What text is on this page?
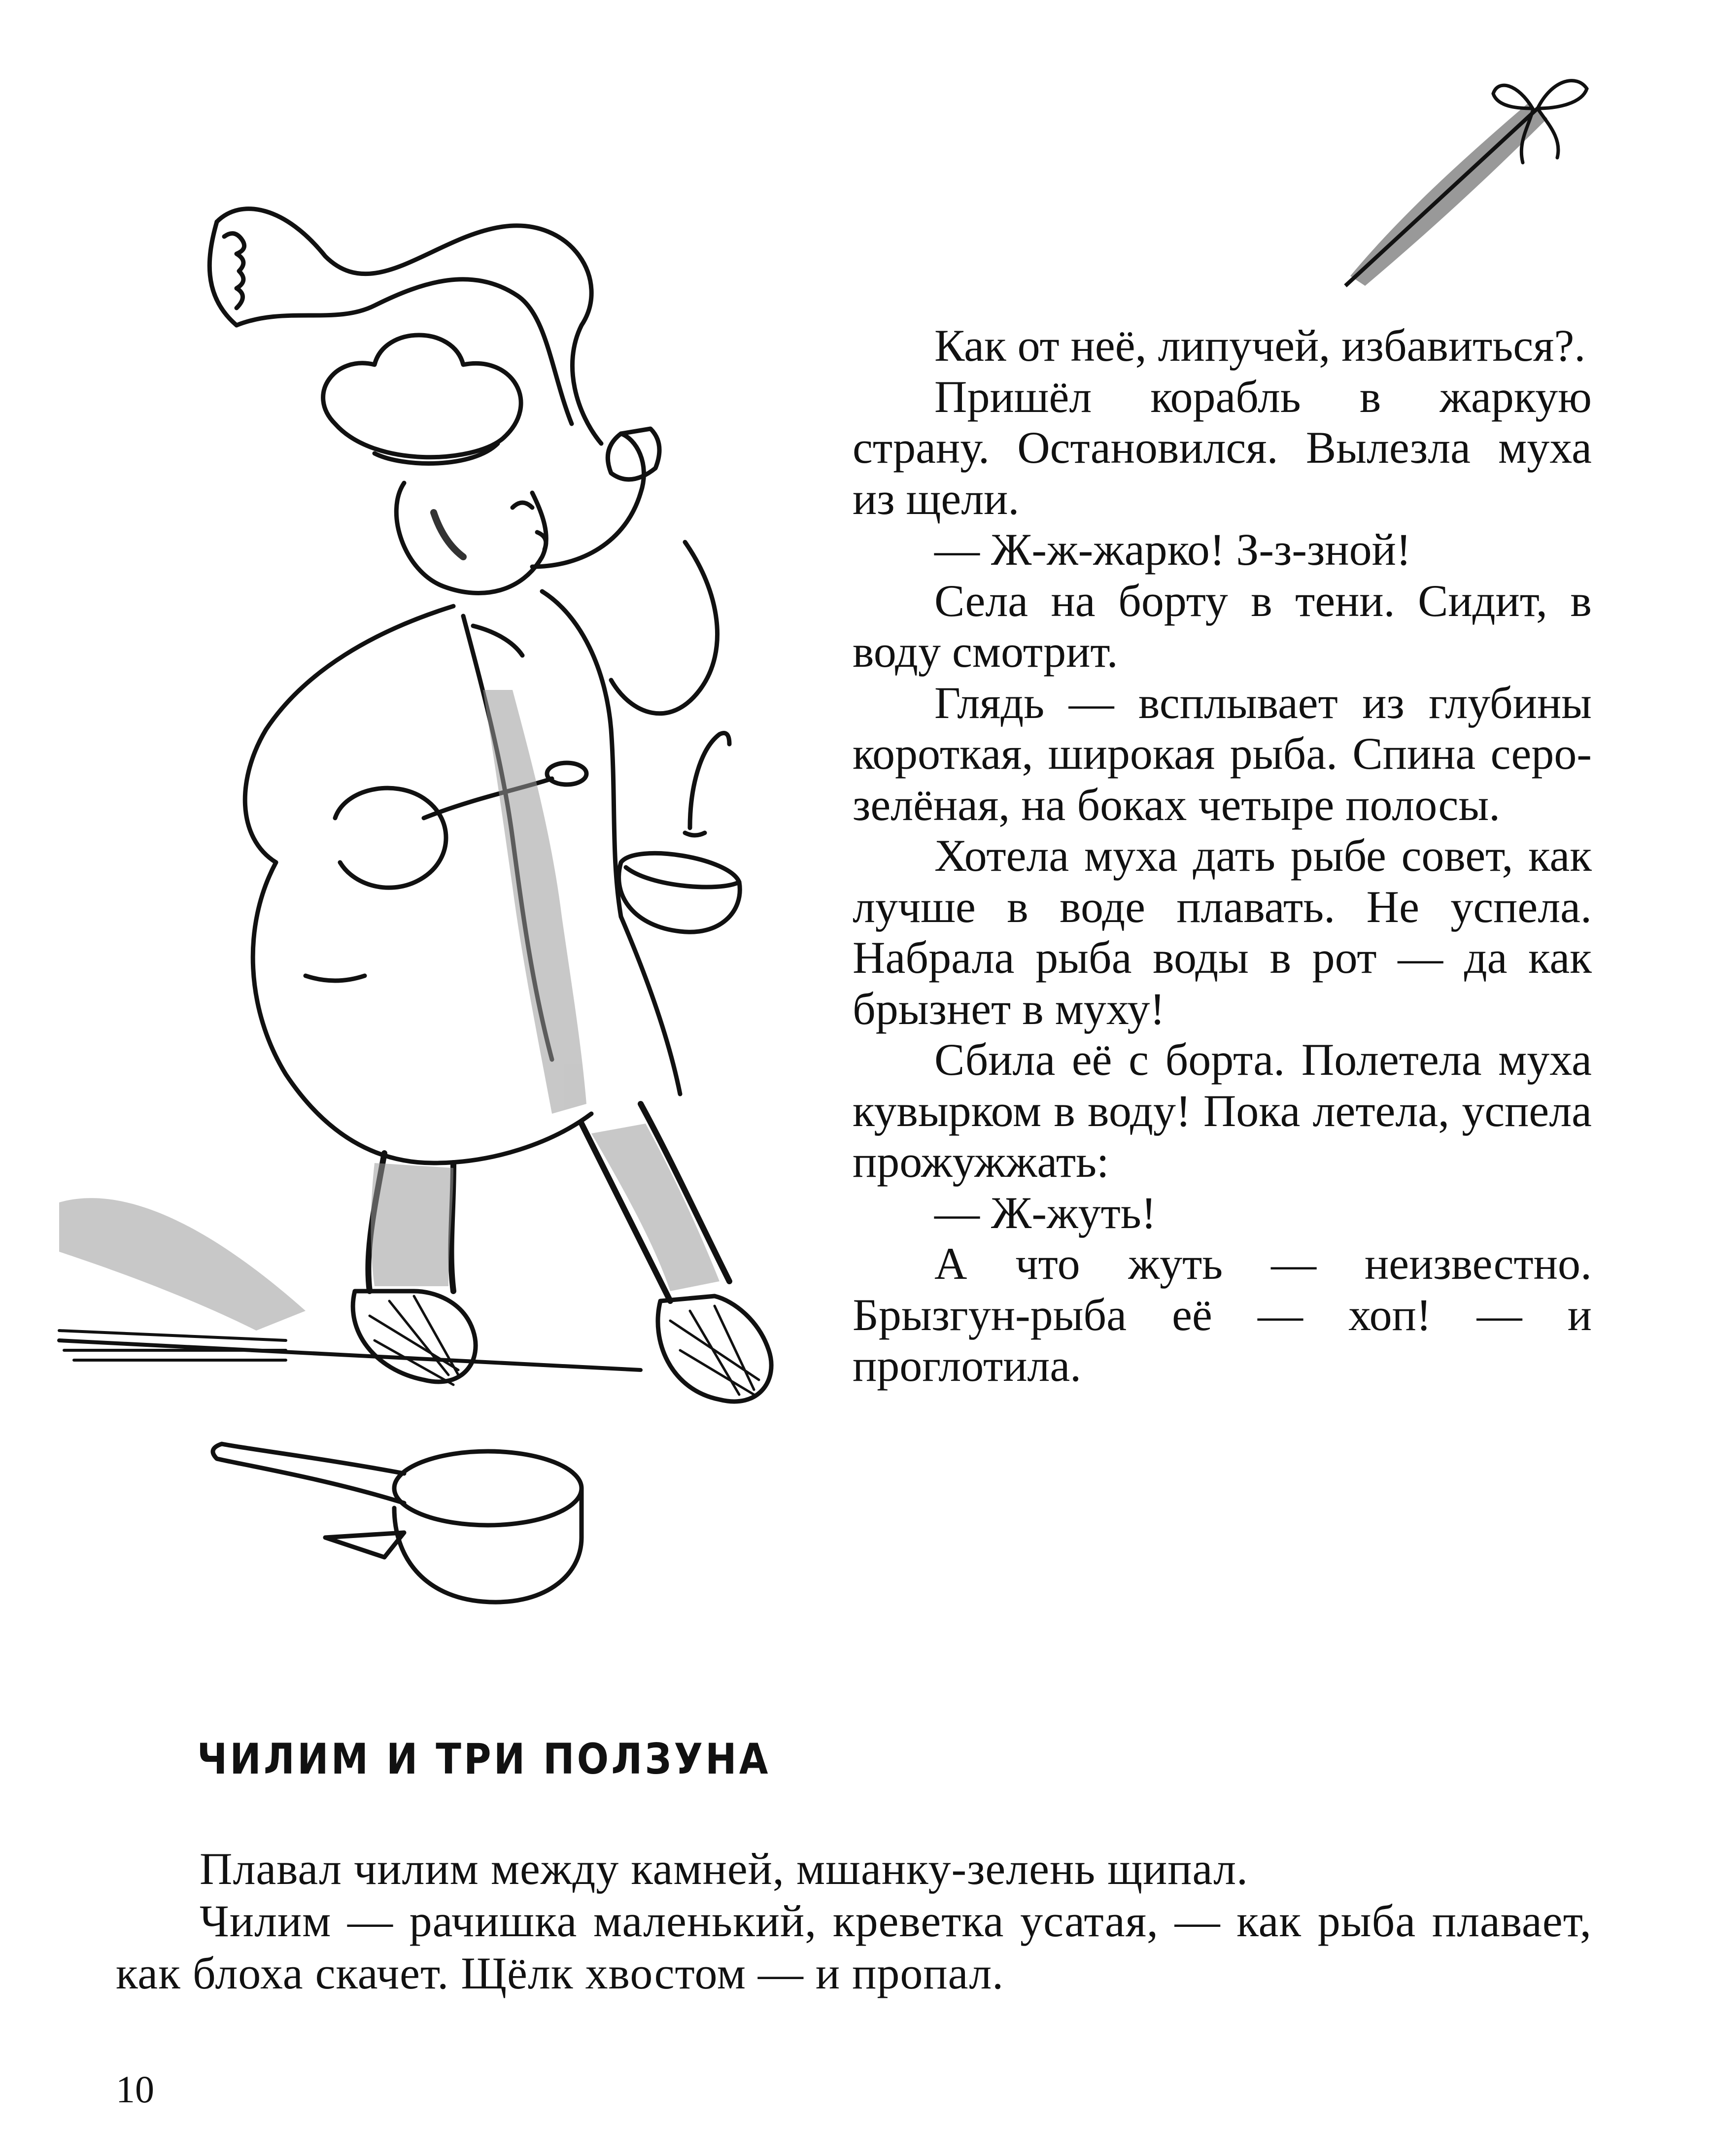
Как от неё, липучей, избавиться?.

Пришёл корабль в жаркую страну. Остановился. Вылезла муха из щели.

— Ж-ж-жарко! З-з-зной!

Села на борту в тени. Сидит, в воду смотрит.

Глядь — всплывает из глубины короткая, широкая рыба. Спина серо-зелёная, на боках четыре полосы.

Хотела муха дать рыбе совет, как лучше в воде плавать. Не успела. Набрала рыба воды в рот — да как брызнет в муху!

Сбила её с борта. Полетела муха кувырком в воду! Пока летела, успела прожужжать:

— Ж-жуть!

А что жуть — неизвестно. Брызгун-рыба её — хоп! — и проглотила.

ЧИЛИМ И ТРИ ПОЛЗУНА

Плавал чилим между камней, мшанку-зелень щипал.

Чилим — рачишка маленький, креветка усатая, — как рыба плавает, как блоха скачет. Щёлк хвостом — и пропал.

10
